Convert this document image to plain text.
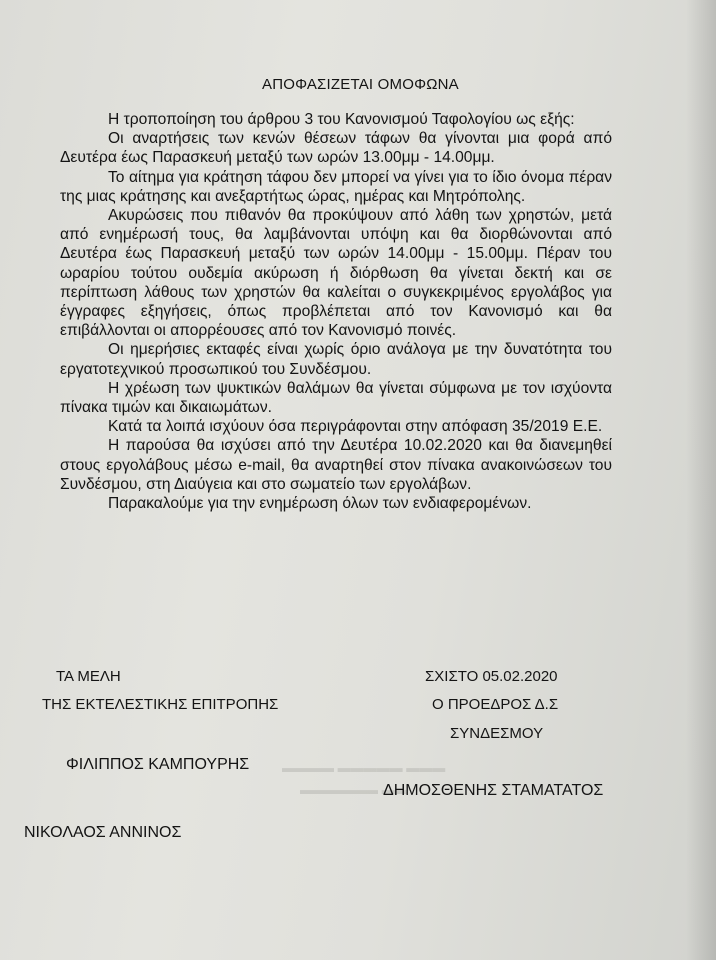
▬▬▬ ▬▬▬▬▬ ▬▬▬▬
▬▬ ▬▬▬▬▬▬
ΑΠΟΦΑΣΙΖΕΤΑΙ ΟΜΟΦΩΝΑ

Η τροποποίηση του άρθρου 3 του Κανονισμού Ταφολογίου ως εξής:

Οι αναρτήσεις των κενών θέσεων τάφων θα γίνονται μια φορά από Δευτέρα έως Παρασκευή μεταξύ των ωρών 13.00μμ - 14.00μμ.

Το αίτημα για κράτηση τάφου δεν μπορεί να γίνει για το ίδιο όνομα πέραν της μιας κράτησης και ανεξαρτήτως ώρας, ημέρας και Μητρόπολης.

Ακυρώσεις που πιθανόν θα προκύψουν από λάθη των χρηστών, μετά από ενημέρωσή τους, θα λαμβάνονται υπόψη και θα διορθώνονται από Δευτέρα έως Παρασκευή μεταξύ των ωρών 14.00μμ - 15.00μμ. Πέραν του ωραρίου τούτου ουδεμία ακύρωση ή διόρθωση θα γίνεται δεκτή και σε περίπτωση λάθους των χρηστών θα καλείται ο συγκεκριμένος εργολάβος για έγγραφες εξηγήσεις, όπως προβλέπεται από τον Κανονισμό και θα επιβάλλονται οι απορρέουσες από τον Κανονισμό ποινές.

Οι ημερήσιες εκταφές είναι χωρίς όριο ανάλογα με την δυνατότητα του εργατοτεχνικού προσωπικού του Συνδέσμου.

Η χρέωση των ψυκτικών θαλάμων θα γίνεται σύμφωνα με τον ισχύοντα πίνακα τιμών και δικαιωμάτων.

Κατά τα λοιπά ισχύουν όσα περιγράφονται στην απόφαση 35/2019 Ε.Ε.

Η παρούσα θα ισχύσει από την Δευτέρα 10.02.2020 και θα διανεμηθεί στους εργολάβους μέσω e-mail, θα αναρτηθεί στον πίνακα ανακοινώσεων του Συνδέσμου, στη Διαύγεια και στο σωματείο των εργολάβων.

Παρακαλούμε για την ενημέρωση όλων των ενδιαφερομένων.

ΤΑ ΜΕΛΗ
ΤΗΣ ΕΚΤΕΛΕΣΤΙΚΗΣ ΕΠΙΤΡΟΠΗΣ
ΣΧΙΣΤΟ 05.02.2020
Ο ΠΡΟΕΔΡΟΣ Δ.Σ
ΣΥΝΔΕΣΜΟΥ
ΦΙΛΙΠΠΟΣ ΚΑΜΠΟΥΡΗΣ
ΔΗΜΟΣΘΕΝΗΣ ΣΤΑΜΑΤΑΤΟΣ
ΝΙΚΟΛΑΟΣ ΑΝΝΙΝΟΣ
